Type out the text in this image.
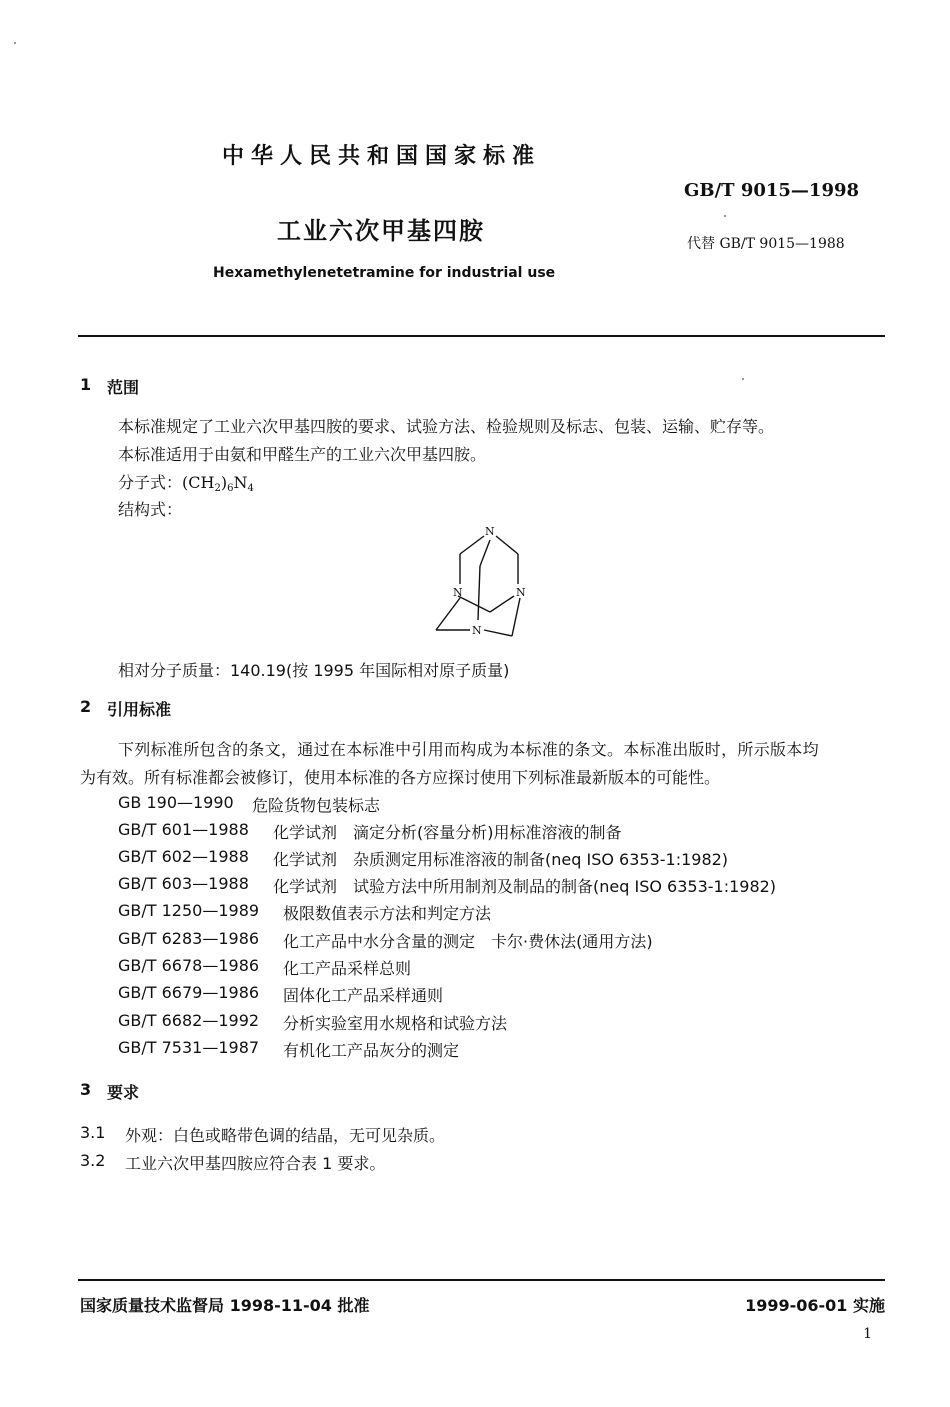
中华人民共和国国家标准
GB/T 9015—1998
工业六次甲基四胺	代替 GB/T 9015—1988
Hexamethylenetetramine for industrial use
1 范围
本标准规定了工业六次甲基四胺的要求、试验方法、检验规则及标志、包装、运输、贮存等。
本标准适用于由氨和甲醛生产的工业六次甲基四胺。
分子式：$(CH_2)_6N_4$
结构式：
N
N	N
N
相对分子质量：140.19(按 1995 年国际相对原子质量)
2 引用标准
下列标准所包含的条文，通过在本标准中引用而构成为本标准的条文。本标准出版时，所示版本均
为有效。所有标准都会被修订，使用本标准的各方应探讨使用下列标准最新版本的可能性。
GB 190—1990 危险货物包装标志
GB/T 601—1988 化学试剂　滴定分析(容量分析)用标准溶液的制备
GB/T 602—1988 化学试剂　杂质测定用标准溶液的制备(neq ISO 6353-1:1982)
GB/T 603—1988 化学试剂　试验方法中所用制剂及制品的制备(neq ISO 6353-1:1982)
GB/T 1250—1989 极限数值表示方法和判定方法
GB/T 6283—1986 化工产品中水分含量的测定　卡尔·费休法(通用方法)
GB/T 6678—1986 化工产品采样总则
GB/T 6679—1986 固体化工产品采样通则
GB/T 6682—1992 分析实验室用水规格和试验方法
GB/T 7531—1987 有机化工产品灰分的测定
3 要求
3.1 外观：白色或略带色调的结晶，无可见杂质。
3.2 工业六次甲基四胺应符合表 1 要求。
国家质量技术监督局 1998-11-04 批准	1999-06-01 实施
1
